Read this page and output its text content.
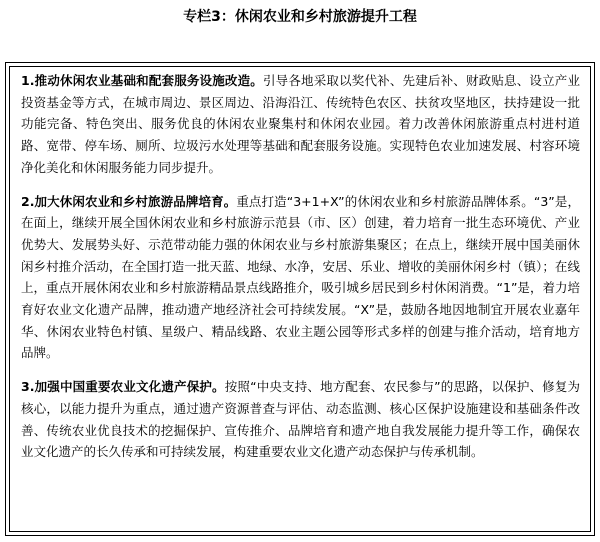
专栏3：休闲农业和乡村旅游提升工程

1.推动休闲农业基础和配套服务设施改造。引导各地采取以奖代补、先建后补、财政贴息、设立产业投资基金等方式，在城市周边、景区周边、沿海沿江、传统特色农区、扶贫攻坚地区，扶持建设一批功能完备、特色突出、服务优良的休闲农业聚集村和休闲农业园。着力改善休闲旅游重点村进村道路、宽带、停车场、厕所、垃圾污水处理等基础和配套服务设施。实现特色农业加速发展、村容环境净化美化和休闲服务能力同步提升。

2.加大休闲农业和乡村旅游品牌培育。重点打造“3+1+X”的休闲农业和乡村旅游品牌体系。“3”是，在面上，继续开展全国休闲农业和乡村旅游示范县（市、区）创建，着力培育一批生态环境优、产业优势大、发展势头好、示范带动能力强的休闲农业与乡村旅游集聚区；在点上，继续开展中国美丽休闲乡村推介活动，在全国打造一批天蓝、地绿、水净，安居、乐业、增收的美丽休闲乡村（镇）；在线上，重点开展休闲农业和乡村旅游精品景点线路推介，吸引城乡居民到乡村休闲消费。“1”是，着力培育好农业文化遗产品牌，推动遗产地经济社会可持续发展。“X”是，鼓励各地因地制宜开展农业嘉年华、休闲农业特色村镇、星级户、精品线路、农业主题公园等形式多样的创建与推介活动，培育地方品牌。

3.加强中国重要农业文化遗产保护。按照“中央支持、地方配套、农民参与”的思路，以保护、修复为核心，以能力提升为重点，通过遗产资源普查与评估、动态监测、核心区保护设施建设和基础条件改善、传统农业优良技术的挖掘保护、宣传推介、品牌培育和遗产地自我发展能力提升等工作，确保农业文化遗产的长久传承和可持续发展，构建重要农业文化遗产动态保护与传承机制。
